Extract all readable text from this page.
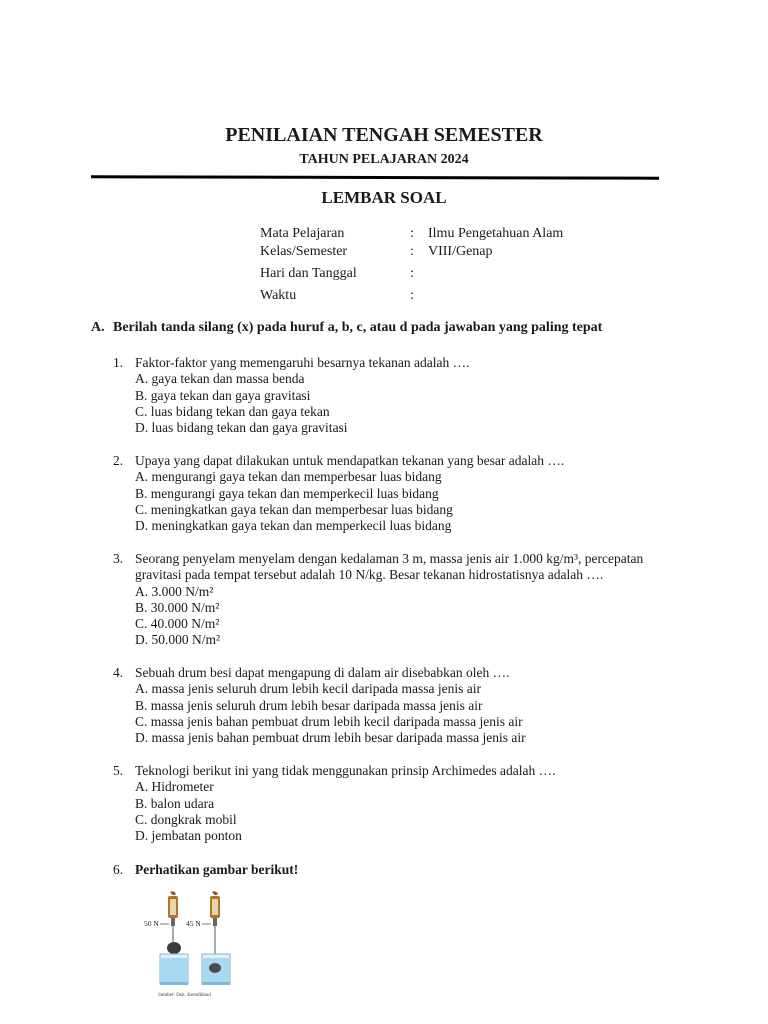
PENILAIAN TENGAH SEMESTER
TAHUN PELAJARAN 2024
LEMBAR SOAL
Mata Pelajaran	: Ilmu Pengetahuan Alam
Kelas/Semester	: VIII/Genap
Hari dan Tanggal	:
Waktu	:
A. Berilah tanda silang (x) pada huruf a, b, c, atau d pada jawaban yang paling tepat
1. Faktor-faktor yang memengaruhi besarnya tekanan adalah ….
A. gaya tekan dan massa benda
B. gaya tekan dan gaya gravitasi
C. luas bidang tekan dan gaya tekan
D. luas bidang tekan dan gaya gravitasi
2. Upaya yang dapat dilakukan untuk mendapatkan tekanan yang besar adalah ….
A. mengurangi gaya tekan dan memperbesar luas bidang
B. mengurangi gaya tekan dan memperkecil luas bidang
C. meningkatkan gaya tekan dan memperbesar luas bidang
D. meningkatkan gaya tekan dan memperkecil luas bidang
3. Seorang penyelam menyelam dengan kedalaman 3 m, massa jenis air 1.000 kg/m³, percepatan
gravitasi pada tempat tersebut adalah 10 N/kg. Besar tekanan hidrostatisnya adalah ….
A. 3.000 N/m²
B. 30.000 N/m²
C. 40.000 N/m²
D. 50.000 N/m²
4. Sebuah drum besi dapat mengapung di dalam air disebabkan oleh ….
A. massa jenis seluruh drum lebih kecil daripada massa jenis air
B. massa jenis seluruh drum lebih besar daripada massa jenis air
C. massa jenis bahan pembuat drum lebih kecil daripada massa jenis air
D. massa jenis bahan pembuat drum lebih besar daripada massa jenis air
5. Teknologi berikut ini yang tidak menggunakan prinsip Archimedes adalah ….
A. Hidrometer
B. balon udara
C. dongkrak mobil
D. jembatan ponton
6. Perhatikan gambar berikut!
50 N	45 N
Sumber: Dok. Kemdikbud
